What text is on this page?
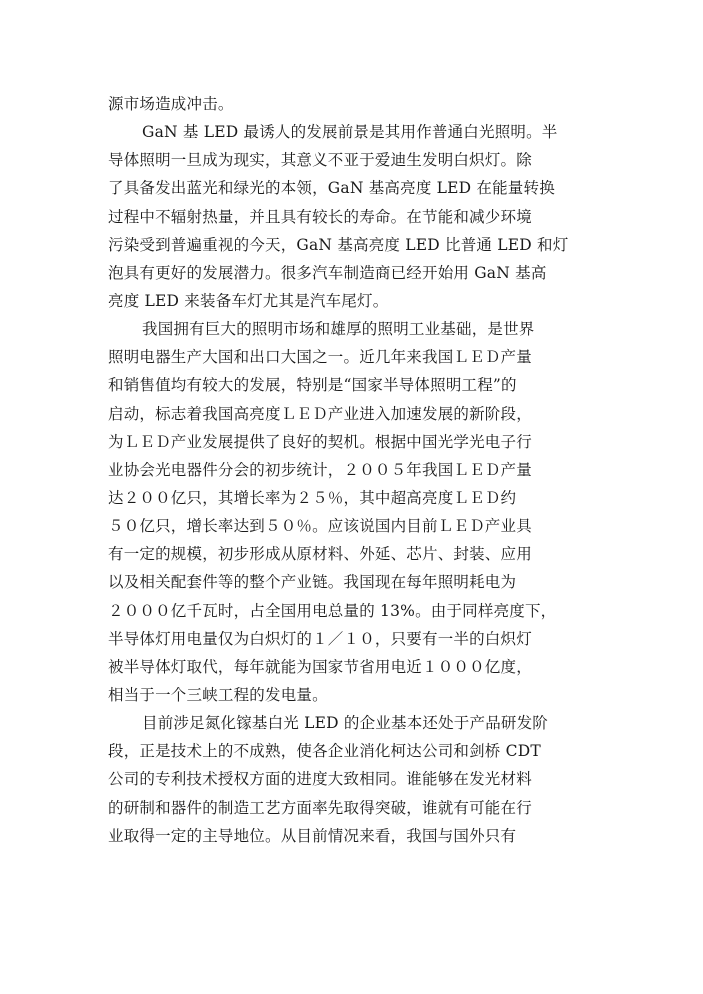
源市场造成冲击。
GaN 基 LED 最诱人的发展前景是其用作普通白光照明。半
导体照明一旦成为现实，其意义不亚于爱迪生发明白炽灯。除
了具备发出蓝光和绿光的本领，GaN 基高亮度 LED 在能量转换
过程中不辐射热量，并且具有较长的寿命。在节能和减少环境
污染受到普遍重视的今天，GaN 基高亮度 LED 比普通 LED 和灯
泡具有更好的发展潜力。很多汽车制造商已经开始用 GaN 基高
亮度 LED 来装备车灯尤其是汽车尾灯。
我国拥有巨大的照明市场和雄厚的照明工业基础，是世界
照明电器生产大国和出口大国之一。近几年来我国ＬＥＤ产量
和销售值均有较大的发展，特别是“国家半导体照明工程”的
启动，标志着我国高亮度ＬＥＤ产业进入加速发展的新阶段，
为ＬＥＤ产业发展提供了良好的契机。根据中国光学光电子行
业协会光电器件分会的初步统计，２００５年我国ＬＥＤ产量
达２００亿只，其增长率为２５％，其中超高亮度ＬＥＤ约
５０亿只，增长率达到５０％。应该说国内目前ＬＥＤ产业具
有一定的规模，初步形成从原材料、外延、芯片、封装、应用
以及相关配套件等的整个产业链。我国现在每年照明耗电为
２０００亿千瓦时，占全国用电总量的 13%。由于同样亮度下，
半导体灯用电量仅为白炽灯的１／１０，只要有一半的白炽灯
被半导体灯取代，每年就能为国家节省用电近１０００亿度，
相当于一个三峡工程的发电量。
目前涉足氮化镓基白光 LED 的企业基本还处于产品研发阶
段，正是技术上的不成熟，使各企业消化柯达公司和剑桥 CDT
公司的专利技术授权方面的进度大致相同。谁能够在发光材料
的研制和器件的制造工艺方面率先取得突破，谁就有可能在行
业取得一定的主导地位。从目前情况来看，我国与国外只有
